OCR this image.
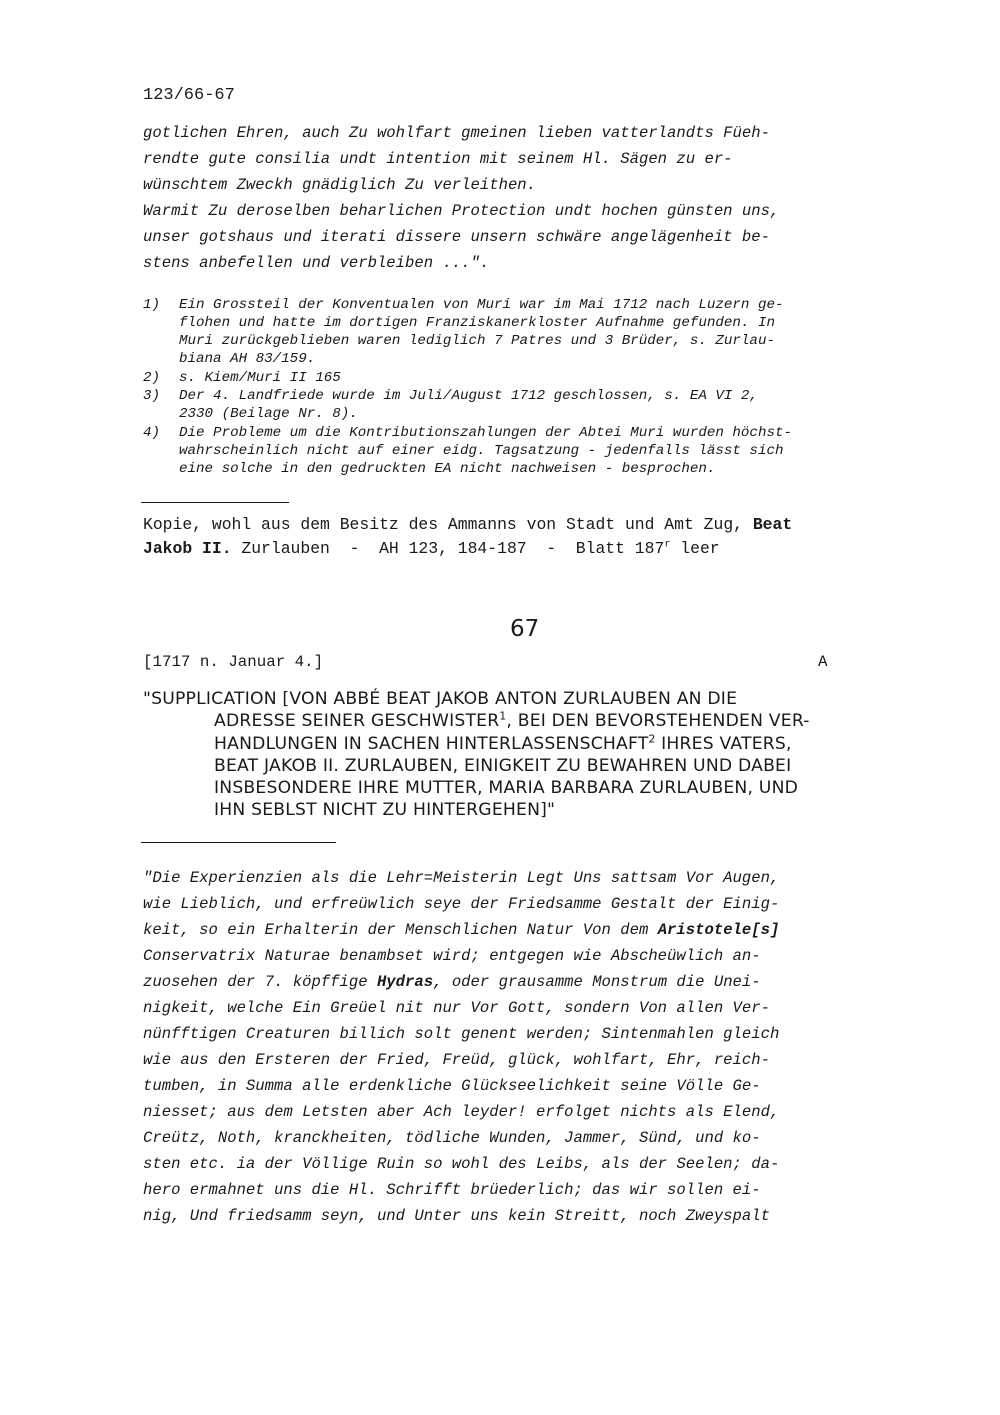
123/66-67
gotlichen Ehren, auch Zu wohlfart gmeinen lieben vatterlandts Füeh-
rendte gute consilia undt intention mit seinem Hl. Sägen zu er-
wünschtem Zweckh gnädiglich Zu verleithen.
Warmit Zu deroselben beharlichen Protection undt hochen günsten uns,
unser gotshaus und iterati dissere unsern schwäre angelägenheit be-
stens anbefellen und verbleiben ...".
1) Ein Grossteil der Konventualen von Muri war im Mai 1712 nach Luzern ge-
flohen und hatte im dortigen Franziskanerkloster Aufnahme gefunden. In
Muri zurückgeblieben waren lediglich 7 Patres und 3 Brüder, s. Zurlau-
biana AH 83/159.
2) s. Kiem/Muri II 165
3) Der 4. Landfriede wurde im Juli/August 1712 geschlossen, s. EA VI 2,
2330 (Beilage Nr. 8).
4) Die Probleme um die Kontributionszahlungen der Abtei Muri wurden höchst-
wahrscheinlich nicht auf einer eidg. Tagsatzung - jedenfalls lässt sich
eine solche in den gedruckten EA nicht nachweisen - besprochen.
Kopie, wohl aus dem Besitz des Ammanns von Stadt und Amt Zug, Beat
Jakob II. Zurlauben  -  AH 123, 184-187  -  Blatt 187$^r$ leer
67
[1717 n. Januar 4.]	A
"SUPPLICATION [VON ABBÉ BEAT JAKOB ANTON ZURLAUBEN AN DIE
ADRESSE SEINER GESCHWISTER$^1$, BEI DEN BEVORSTEHENDEN VER-
HANDLUNGEN IN SACHEN HINTERLASSENSCHAFT$^2$ IHRES VATERS,
BEAT JAKOB II. ZURLAUBEN, EINIGKEIT ZU BEWAHREN UND DABEI
INSBESONDERE IHRE MUTTER, MARIA BARBARA ZURLAUBEN, UND
IHN SEBLST NICHT ZU HINTERGEHEN]"
"Die Experienzien als die Lehr=Meisterin Legt Uns sattsam Vor Augen,
wie Lieblich, und erfreüwlich seye der Friedsamme Gestalt der Einig-
keit, so ein Erhalterin der Menschlichen Natur Von dem Aristotele[s]
Conservatrix Naturae benambset wird; entgegen wie Abscheüwlich an-
zuosehen der 7. köpffige Hydras, oder grausamme Monstrum die Unei-
nigkeit, welche Ein Greüel nit nur Vor Gott, sondern Von allen Ver-
nünfftigen Creaturen billich solt genent werden; Sintenmahlen gleich
wie aus den Ersteren der Fried, Freüd, glück, wohlfart, Ehr, reich-
tumben, in Summa alle erdenkliche Glückseelichkeit seine Völle Ge-
niesset; aus dem Letsten aber Ach leyder! erfolget nichts als Elend,
Creütz, Noth, kranckheiten, tödliche Wunden, Jammer, Sünd, und ko-
sten etc. ia der Völlige Ruin so wohl des Leibs, als der Seelen; da-
hero ermahnet uns die Hl. Schrifft brüederlich; das wir sollen ei-
nig, Und friedsamm seyn, und Unter uns kein Streitt, noch Zweyspalt
